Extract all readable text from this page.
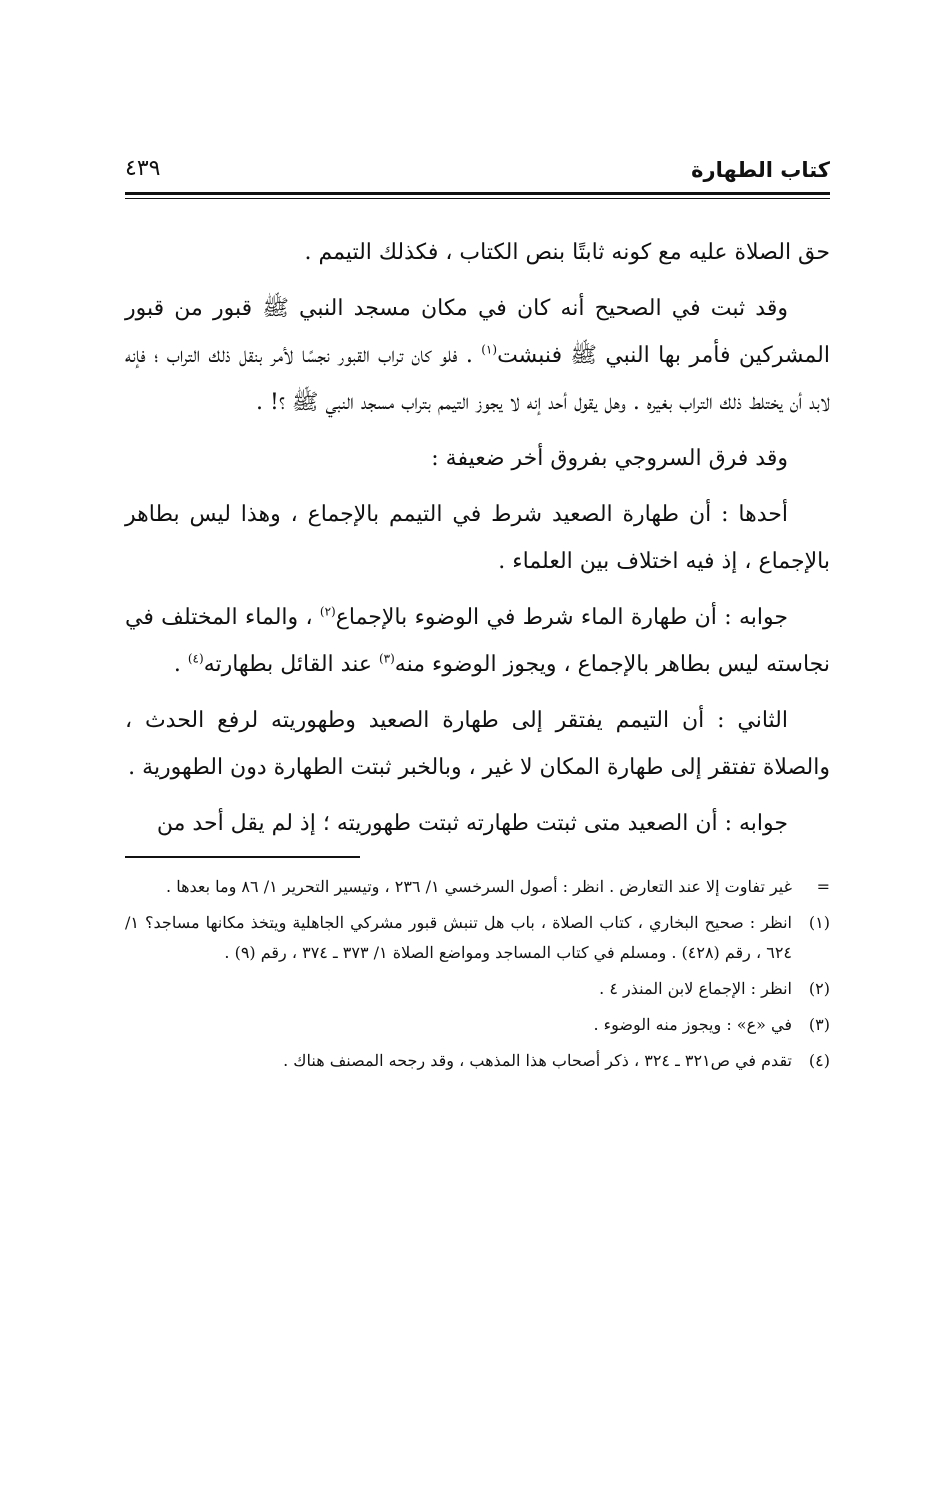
كتاب الطهارة
٤٣٩

حق الصلاة عليه مع كونه ثابتًا بنص الكتاب ، فكذلك التيمم .

وقد ثبت في الصحيح أنه كان في مكان مسجد النبي ﷺ قبور من قبور المشركين فأمر بها النبي ﷺ فنبشت$^{(١)}$ . فلو كان تراب القبور نجسًا لأمر بنقل ذلك التراب ؛ فإنه لابد أن يختلط ذلك التراب بغيره . وهل يقول أحد إنه لا يجوز التيمم بتراب مسجد النبي ﷺ ؟! .

وقد فرق السروجي بفروق أخر ضعيفة :

أحدها : أن طهارة الصعيد شرط في التيمم بالإجماع ، وهذا ليس بطاهر بالإجماع ، إذ فيه اختلاف بين العلماء .

جوابه : أن طهارة الماء شرط في الوضوء بالإجماع$^{(٢)}$ ، والماء المختلف في نجاسته ليس بطاهر بالإجماع ، ويجوز الوضوء منه$^{(٣)}$ عند القائل بطهارته$^{(٤)}$ .

الثاني : أن التيمم يفتقر إلى طهارة الصعيد وطهوريته لرفع الحدث ، والصلاة تفتقر إلى طهارة المكان لا غير ، وبالخبر ثبتت الطهارة دون الطهورية .

جوابه : أن الصعيد متى ثبتت طهارته ثبتت طهوريته ؛ إذ لم يقل أحد من

=
غير تفاوت إلا عند التعارض . انظر : أصول السرخسي ١/ ٢٣٦ ، وتيسير التحرير ١/ ٨٦ وما بعدها .
(١)
انظر : صحيح البخاري ، كتاب الصلاة ، باب هل تنبش قبور مشركي الجاهلية ويتخذ مكانها مساجد؟ ١/ ٦٢٤ ، رقم (٤٢٨) . ومسلم في كتاب المساجد ومواضع الصلاة ١/ ٣٧٣ ـ ٣٧٤ ، رقم (٩) .
(٢)
انظر : الإجماع لابن المنذر ٤ .
(٣)
في «ع» : ويجوز منه الوضوء .
(٤)
تقدم في ص٣٢١ ـ ٣٢٤ ، ذكر أصحاب هذا المذهب ، وقد رجحه المصنف هناك .
